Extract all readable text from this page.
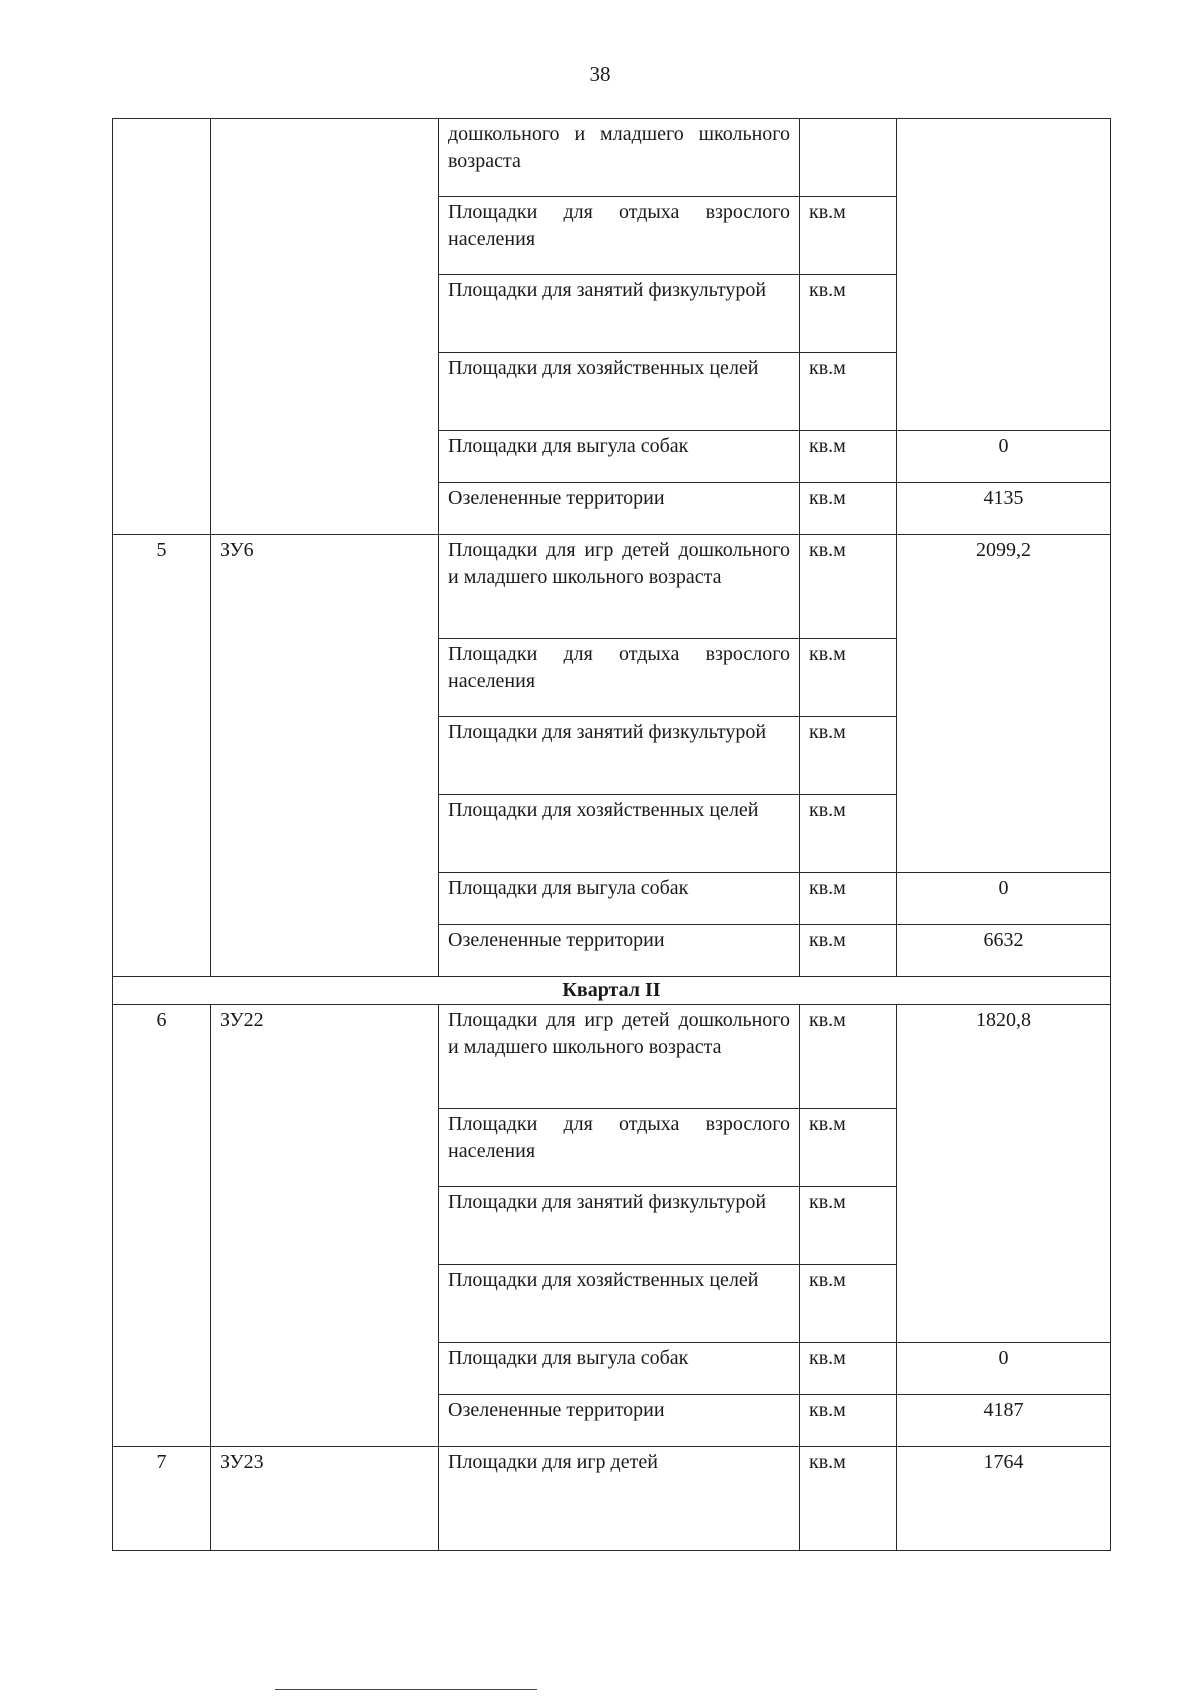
38
		дошкольного и младшего школьного возраста		
		Площадки для отдыха взрослого населения	кв.м	
		Площадки для занятий физкультурой	кв.м	
		Площадки для хозяйственных целей	кв.м	
		Площадки для выгула собак	кв.м	0
		Озелененные территории	кв.м	4135
5	ЗУ6	Площадки для игр детей дошкольного и младшего школьного возраста	кв.м	2099,2
		Площадки для отдыха взрослого населения	кв.м	
		Площадки для занятий физкультурой	кв.м	
		Площадки для хозяйственных целей	кв.м	
		Площадки для выгула собак	кв.м	0
		Озелененные территории	кв.м	6632
Квартал II				
6	ЗУ22	Площадки для игр детей дошкольного и младшего школьного возраста	кв.м	1820,8
		Площадки для отдыха взрослого населения	кв.м	
		Площадки для занятий физкультурой	кв.м	
		Площадки для хозяйственных целей	кв.м	
		Площадки для выгула собак	кв.м	0
		Озелененные территории	кв.м	4187
7	ЗУ23	Площадки для игр детей	кв.м	1764
